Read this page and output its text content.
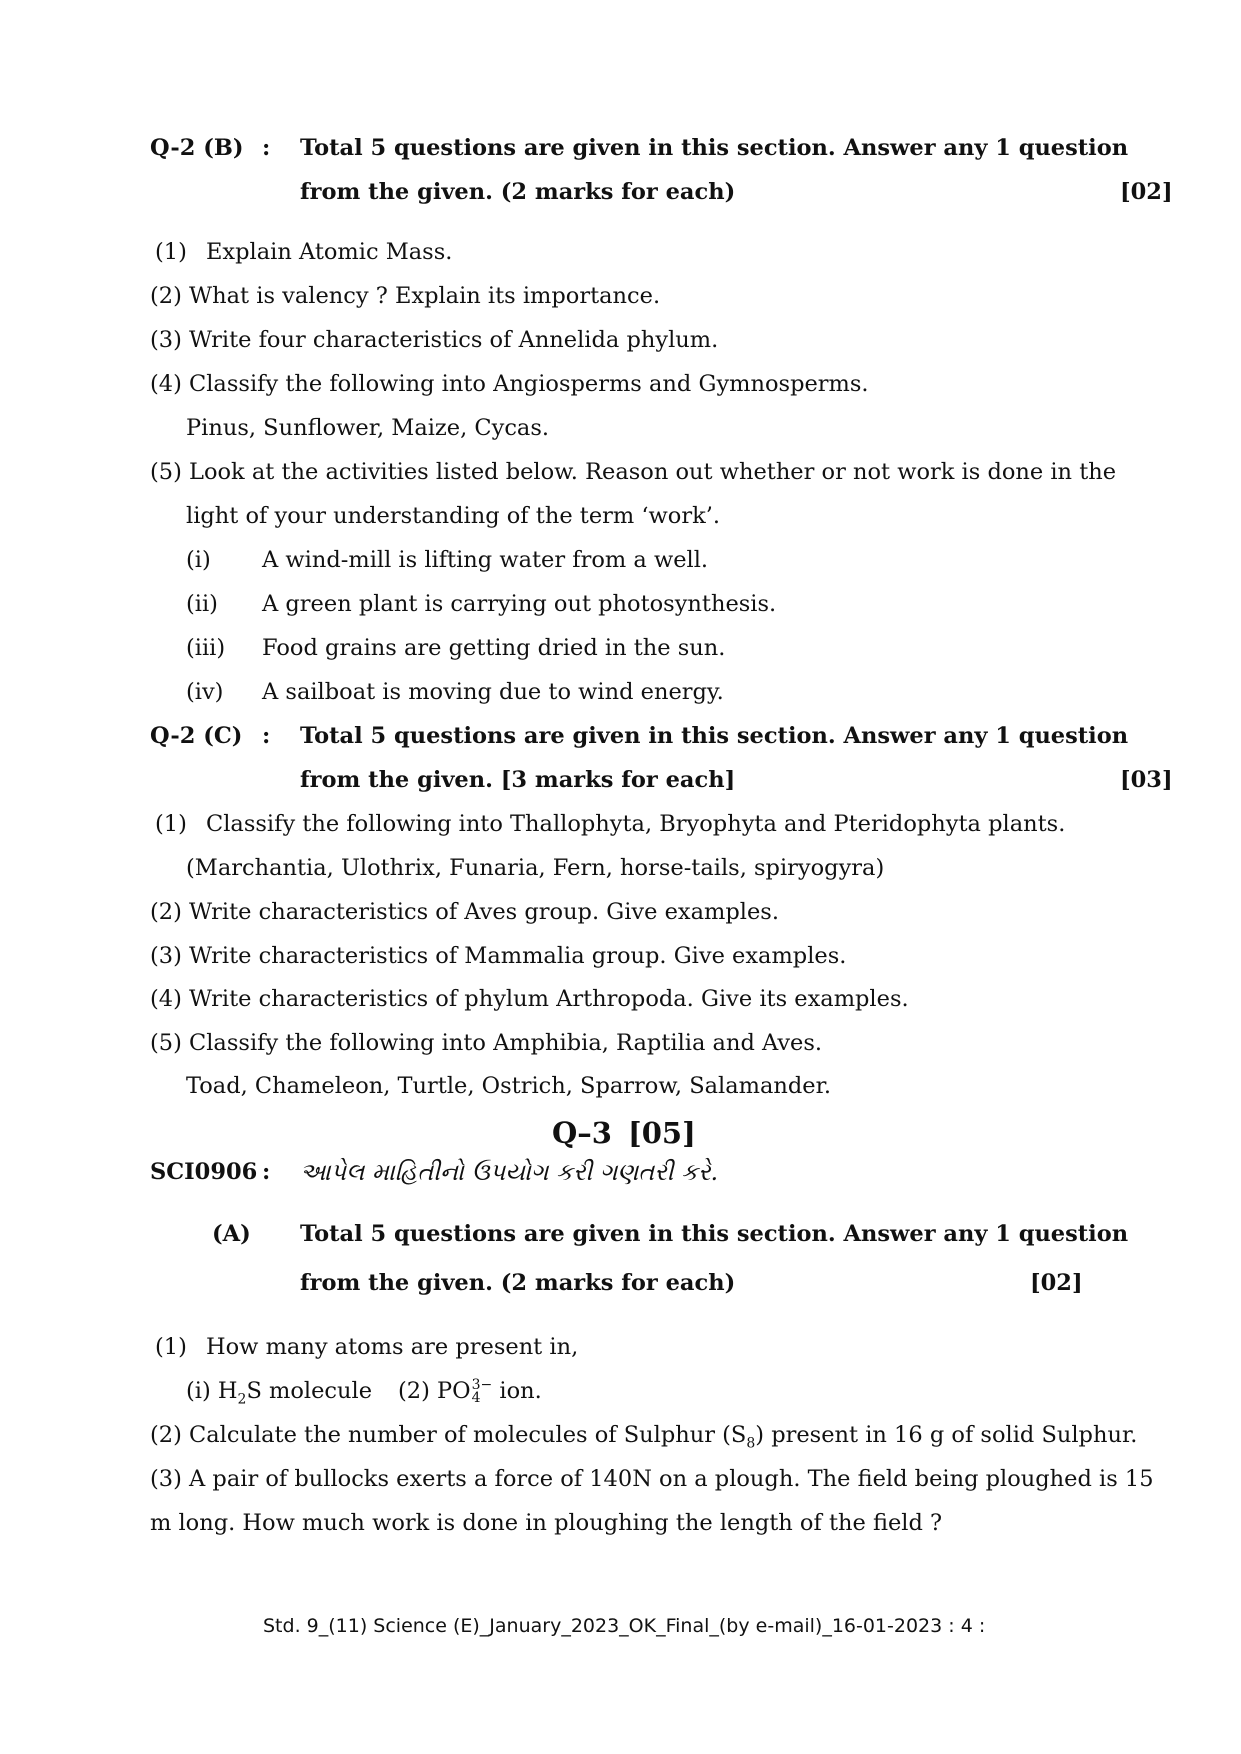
Q-2 (B) : Total 5 questions are given in this section. Answer any 1 question
from the given. (2 marks for each)	[02]
(1) Explain Atomic Mass.
(2) What is valency ? Explain its importance.
(3) Write four characteristics of Annelida phylum.
(4) Classify the following into Angiosperms and Gymnosperms.
Pinus, Sunflower, Maize, Cycas.
(5) Look at the activities listed below. Reason out whether or not work is done in the
light of your understanding of the term ‘work’.
(i) A wind-mill is lifting water from a well.
(ii) A green plant is carrying out photosynthesis.
(iii) Food grains are getting dried in the sun.
(iv) A sailboat is moving due to wind energy.
Q-2 (C) : Total 5 questions are given in this section. Answer any 1 question
from the given. [3 marks for each]	[03]
(1) Classify the following into Thallophyta, Bryophyta and Pteridophyta plants.
(Marchantia, Ulothrix, Funaria, Fern, horse-tails, spiryogyra)
(2) Write characteristics of Aves group. Give examples.
(3) Write characteristics of Mammalia group. Give examples.
(4) Write characteristics of phylum Arthropoda. Give its examples.
(5) Classify the following into Amphibia, Raptilia and Aves.
Toad, Chameleon, Turtle, Ostrich, Sparrow, Salamander.
Q–3 [05]
SCI0906 : આપેલ માહિતીનો ઉપયોગ કરી ગણતરી કરે.
(A) Total 5 questions are given in this section. Answer any 1 question
from the given. (2 marks for each)	[02]
(1) How many atoms are present in,
(i) $H_2S$ molecule (2) PO 3−
4 ion.
(2) Calculate the number of molecules of Sulphur $(S_8)$ present in 16 g of solid Sulphur.
(3) A pair of bullocks exerts a force of 140N on a plough. The field being ploughed is 15
m long. How much work is done in ploughing the length of the field ?
Std. 9_(11) Science (E)_January_2023_OK_Final_(by e-mail)_16-01-2023 : 4 :
